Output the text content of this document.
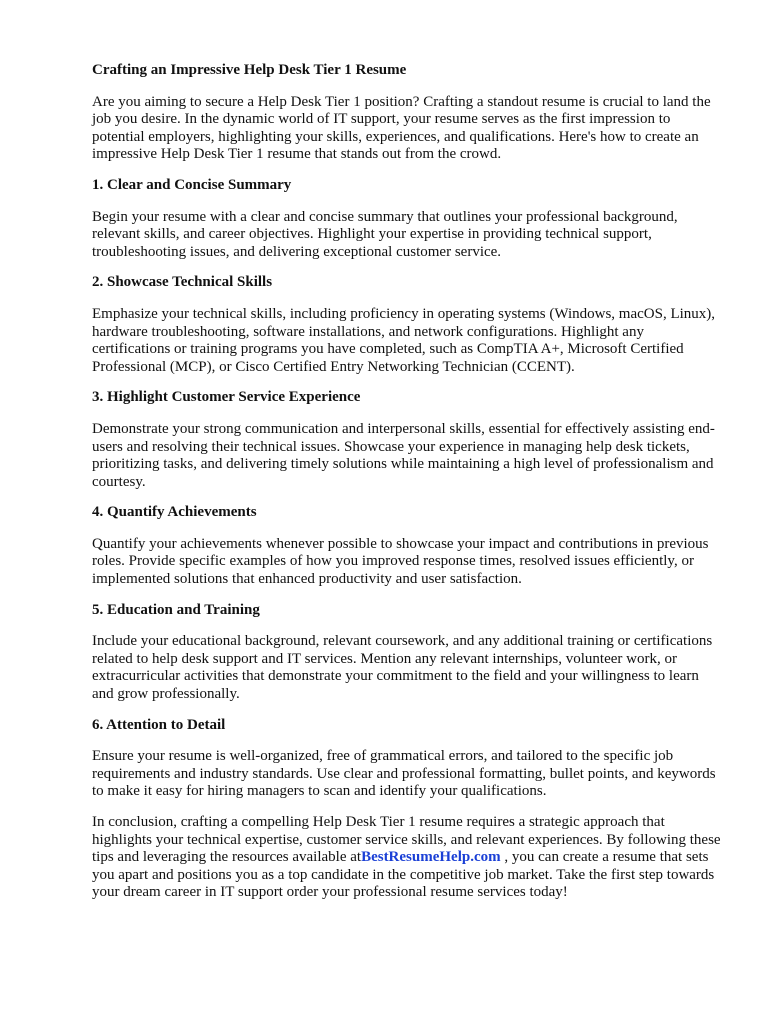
Crafting an Impressive Help Desk Tier 1 Resume
Are you aiming to secure a Help Desk Tier 1 position? Crafting a standout resume is crucial to land the job you desire. In the dynamic world of IT support, your resume serves as the first impression to potential employers, highlighting your skills, experiences, and qualifications. Here's how to create an impressive Help Desk Tier 1 resume that stands out from the crowd.
1. Clear and Concise Summary
Begin your resume with a clear and concise summary that outlines your professional background, relevant skills, and career objectives. Highlight your expertise in providing technical support, troubleshooting issues, and delivering exceptional customer service.
2. Showcase Technical Skills
Emphasize your technical skills, including proficiency in operating systems (Windows, macOS, Linux), hardware troubleshooting, software installations, and network configurations. Highlight any certifications or training programs you have completed, such as CompTIA A+, Microsoft Certified Professional (MCP), or Cisco Certified Entry Networking Technician (CCENT).
3. Highlight Customer Service Experience
Demonstrate your strong communication and interpersonal skills, essential for effectively assisting end-users and resolving their technical issues. Showcase your experience in managing help desk tickets, prioritizing tasks, and delivering timely solutions while maintaining a high level of professionalism and courtesy.
4. Quantify Achievements
Quantify your achievements whenever possible to showcase your impact and contributions in previous roles. Provide specific examples of how you improved response times, resolved issues efficiently, or implemented solutions that enhanced productivity and user satisfaction.
5. Education and Training
Include your educational background, relevant coursework, and any additional training or certifications related to help desk support and IT services. Mention any relevant internships, volunteer work, or extracurricular activities that demonstrate your commitment to the field and your willingness to learn and grow professionally.
6. Attention to Detail
Ensure your resume is well-organized, free of grammatical errors, and tailored to the specific job requirements and industry standards. Use clear and professional formatting, bullet points, and keywords to make it easy for hiring managers to scan and identify your qualifications.
In conclusion, crafting a compelling Help Desk Tier 1 resume requires a strategic approach that highlights your technical expertise, customer service skills, and relevant experiences. By following these tips and leveraging the resources available atBestResumeHelp.com , you can create a resume that sets you apart and positions you as a top candidate in the competitive job market. Take the first step towards your dream career in IT support order your professional resume services today!
